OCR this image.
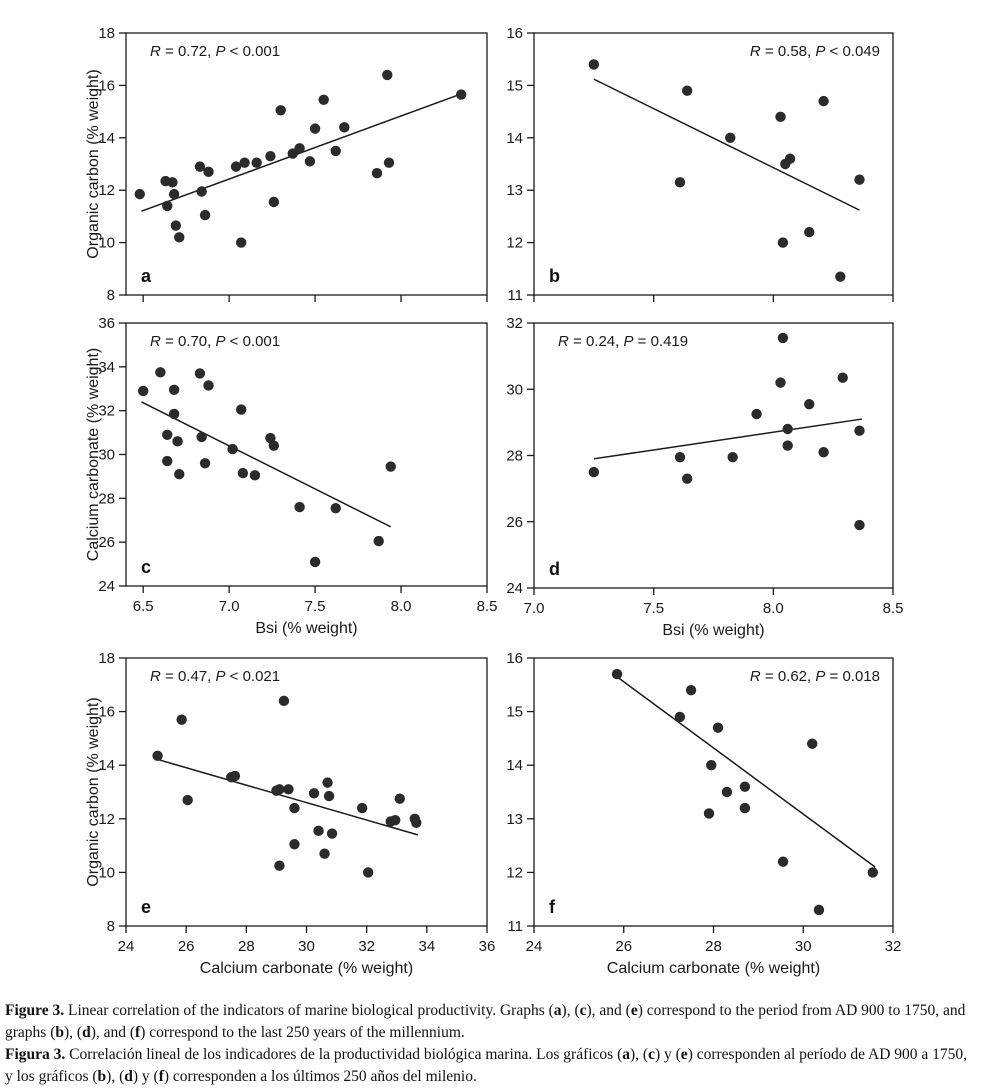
8
10
12
14
16
18
R = 0.72, P < 0.001
a
Organic carbon (% weight)
11
12
13
14
15
16
R = 0.58, P < 0.049
b
6.5	7.0	7.5	8.0	8.5
24
26
28
30
32
34
36
R = 0.70, P < 0.001
c
Bsi (% weight)
Calcium carbonate (% weight)
7.0	7.5	8.0	8.5
24
26
28
30
32
R = 0.24, P = 0.419
d
Bsi (% weight)
24	26	28	30	32	34	36
8
10
12
14
16
18
R = 0.47, P < 0.021
e
Calcium carbonate (% weight)
Organic carbon (% weight)
24	26	28	30	32
11
12
13
14
15
16
R = 0.62, P = 0.018
f
Calcium carbonate (% weight)

Figure 3. Linear correlation of the indicators of marine biological productivity. Graphs (a), (c), and (e) correspond to the period from AD 900 to 1750, and graphs (b), (d), and (f) correspond to the last 250 years of the millennium.

Figura 3. Correlación lineal de los indicadores de la productividad biológica marina. Los gráficos (a), (c) y (e) corresponden al período de AD 900 a 1750, y los gráficos (b), (d) y (f) corresponden a los últimos 250 años del milenio.
